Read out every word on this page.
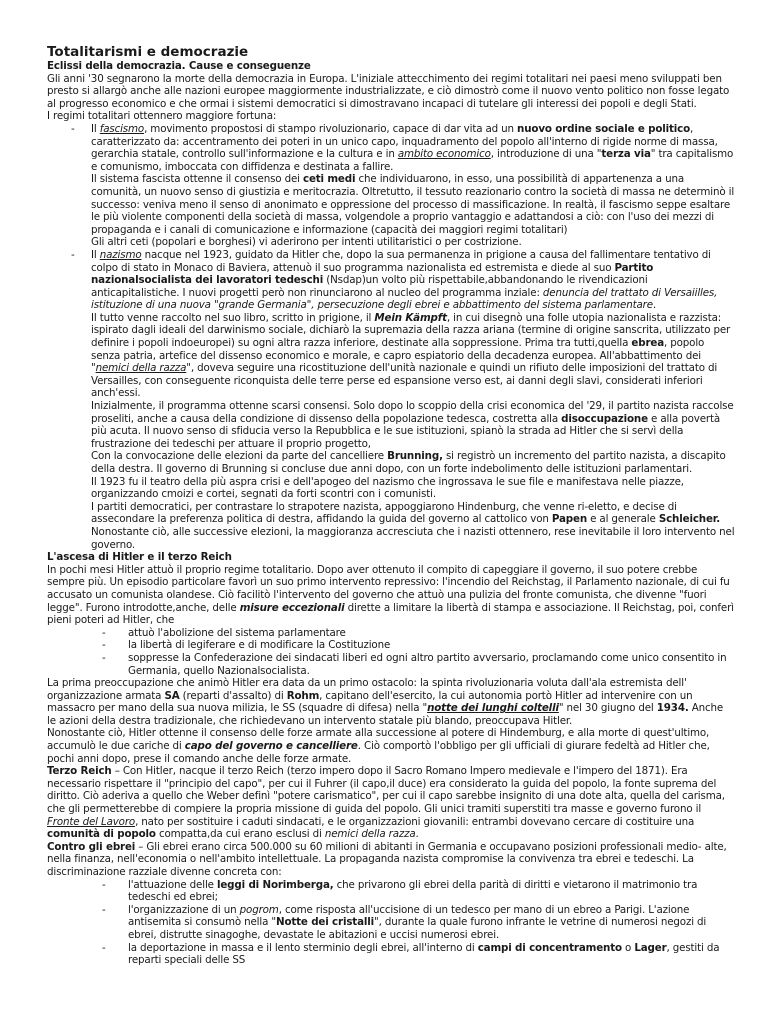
Totalitarismi e democrazie

Eclissi della democrazia. Cause e conseguenze

Gli anni '30 segnarono la morte della democrazia in Europa. L'iniziale attecchimento dei regimi totalitari nei paesi meno sviluppati ben presto si allargò anche alle nazioni europee maggiormente industrializzate, e ciò dimostrò come il nuovo vento politico non fosse legato al progresso economico e che ormai i sistemi democratici si dimostravano incapaci di tutelare gli interessi dei popoli e degli Stati.

I regimi totalitari ottennero maggiore fortuna:

- Il fascismo, movimento propostosi di stampo rivoluzionario, capace di dar vita ad un nuovo ordine sociale e politico, caratterizzato da: accentramento dei poteri in un unico capo, inquadramento del popolo all'interno di rigide norme di massa, gerarchia statale, controllo sull'informazione e la cultura e in ambito economico, introduzione di una "terza via" tra capitalismo e comunismo, imboccata con diffidenza e destinata a fallire.

Il sistema fascista ottenne il consenso dei ceti medi che individuarono, in esso, una possibilità di appartenenza a una comunità, un nuovo senso di giustizia e meritocrazia. Oltretutto, il tessuto reazionario contro la società di massa ne determinò il successo: veniva meno il senso di anonimato e oppressione del processo di massificazione. In realtà, il fascismo seppe esaltare le più violente componenti della società di massa, volgendole a proprio vantaggio e adattandosi a ciò: con l'uso dei mezzi di propaganda e i canali di comunicazione e informazione (capacità dei maggiori regimi totalitari)

Gli altri ceti (popolari e borghesi) vi aderirono per intenti utilitaristici o per costrizione.

- Il nazismo nacque nel 1923, guidato da Hitler che, dopo la sua permanenza in prigione a causa del fallimentare tentativo di colpo di stato in Monaco di Baviera, attenuò il suo programma nazionalista ed estremista e diede al suo Partito nazionalsocialista dei lavoratori tedeschi (Nsdap)un volto più rispettabile,abbandonando le rivendicazioni anticapitalistiche. I nuovi progetti però non rinunciarono al nucleo del programma inziale: denuncia del trattato di Versaiilles, istituzione di una nuova "grande Germania", persecuzione degli ebrei e abbattimento del sistema parlamentare.

Il tutto venne raccolto nel suo libro, scritto in prigione, il Mein Kämpft, in cui disegnò una folle utopia nazionalista e razzista: ispirato dagli ideali del darwinismo sociale, dichiarò la supremazia della razza ariana (termine di origine sanscrita, utilizzato per definire i popoli indoeuropei) su ogni altra razza inferiore, destinate alla soppressione. Prima tra tutti,quella ebrea, popolo senza patria, artefice del dissenso economico e morale, e capro espiatorio della decadenza europea. All'abbattimento dei "nemici della razza", doveva seguire una ricostituzione dell'unità nazionale e quindi un rifiuto delle imposizioni del trattato di Versailles, con conseguente riconquista delle terre perse ed espansione verso est, ai danni degli slavi, considerati inferiori anch'essi.

Inizialmente, il programma ottenne scarsi consensi. Solo dopo lo scoppio della crisi economica del '29, il partito nazista raccolse proseliti, anche a causa della condizione di dissenso della popolazione tedesca, costretta alla disoccupazione e alla povertà più acuta. Il nuovo senso di sfiducia verso la Repubblica e le sue istituzioni, spianò la strada ad Hitler che si servì della frustrazione dei tedeschi per attuare il proprio progetto,

Con la convocazione delle elezioni da parte del cancelliere Brunning, si registrò un incremento del partito nazista, a discapito della destra. Il governo di Brunning si concluse due anni dopo, con un forte indebolimento delle istituzioni parlamentari.

Il 1923 fu il teatro della più aspra crisi e dell'apogeo del nazismo che ingrossava le sue file e manifestava nelle piazze, organizzando cmoizi e cortei, segnati da forti scontri con i comunisti.

I partiti democratici, per contrastare lo strapotere nazista, appoggiarono Hindenburg, che venne ri-eletto, e decise di assecondare la preferenza politica di destra, affidando la guida del governo al cattolico von Papen e al generale Schleicher. Nonostante ciò, alle successive elezioni, la maggioranza accresciuta che i nazisti ottennero, rese inevitabile il loro intervento nel governo.

L'ascesa di Hitler e il terzo Reich

In pochi mesi Hitler attuò il proprio regime totalitario. Dopo aver ottenuto il compito di capeggiare il governo, il suo potere crebbe sempre più. Un episodio particolare favorì un suo primo intervento repressivo: l'incendio del Reichstag, il Parlamento nazionale, di cui fu accusato un comunista olandese. Ciò facilitò l'intervento del governo che attuò una pulizia del fronte comunista, che divenne "fuori legge". Furono introdotte,anche, delle misure eccezionali dirette a limitare la libertà di stampa e associazione. Il Reichstag, poi, conferì pieni poteri ad Hitler, che

- attuò l'abolizione del sistema parlamentare
- la libertà di legiferare e di modificare la Costituzione
- soppresse la Confederazione dei sindacati liberi ed ogni altro partito avversario, proclamando come unico consentito in Germania, quello Nazionalsocialista.

La prima preoccupazione che animò Hitler era data da un primo ostacolo: la spinta rivoluzionaria voluta dall'ala estremista dell' organizzazione armata SA (reparti d'assalto) di Rohm, capitano dell'esercito, la cui autonomia portò Hitler ad intervenire con un massacro per mano della sua nuova milizia, le SS (squadre di difesa) nella "notte dei lunghi coltelli" nel 30 giugno del 1934. Anche le azioni della destra tradizionale, che richiedevano un intervento statale più blando, preoccupava Hitler.

Nonostante ciò, Hitler ottenne il consenso delle forze armate alla successione al potere di Hindemburg, e alla morte di quest'ultimo, accumulò le due cariche di capo del governo e cancelliere. Ciò comportò l'obbligo per gli ufficiali di giurare fedeltà ad Hitler che, pochi anni dopo, prese il comando anche delle forze armate.

Terzo Reich – Con Hitler, nacque il terzo Reich (terzo impero dopo il Sacro Romano Impero medievale e l'impero del 1871). Era necessario rispettare il "principio del capo", per cui il Fuhrer (il capo,il duce) era considerato la guida del popolo, la fonte suprema del diritto. Ciò aderiva a quello che Weber definì "potere carismatico", per cui il capo sarebbe insignito di una dote alta, quella del carisma, che gli permetterebbe di compiere la propria missione di guida del popolo. Gli unici tramiti superstiti tra masse e governo furono il Fronte del Lavoro, nato per sostituire i caduti sindacati, e le organizzazioni giovanili: entrambi dovevano cercare di costituire una comunità di popolo compatta,da cui erano esclusi di nemici della razza.

Contro gli ebrei – Gli ebrei erano circa 500.000 su 60 milioni di abitanti in Germania e occupavano posizioni professionali medio- alte, nella finanza, nell'economia o nell'ambito intellettuale. La propaganda nazista compromise la convivenza tra ebrei e tedeschi. La discriminazione razziale divenne concreta con:

- l'attuazione delle leggi di Norimberga, che privarono gli ebrei della parità di diritti e vietarono il matrimonio tra tedeschi ed ebrei;
- l'organizzazione di un pogrom, come risposta all'uccisione di un tedesco per mano di un ebreo a Parigi. L'azione antisemita si consumò nella "Notte dei cristalli", durante la quale furono infrante le vetrine di numerosi negozi di ebrei, distrutte sinagoghe, devastate le abitazioni e uccisi numerosi ebrei.
- la deportazione in massa e il lento sterminio degli ebrei, all'interno di campi di concentramento o Lager, gestiti da reparti speciali delle SS
